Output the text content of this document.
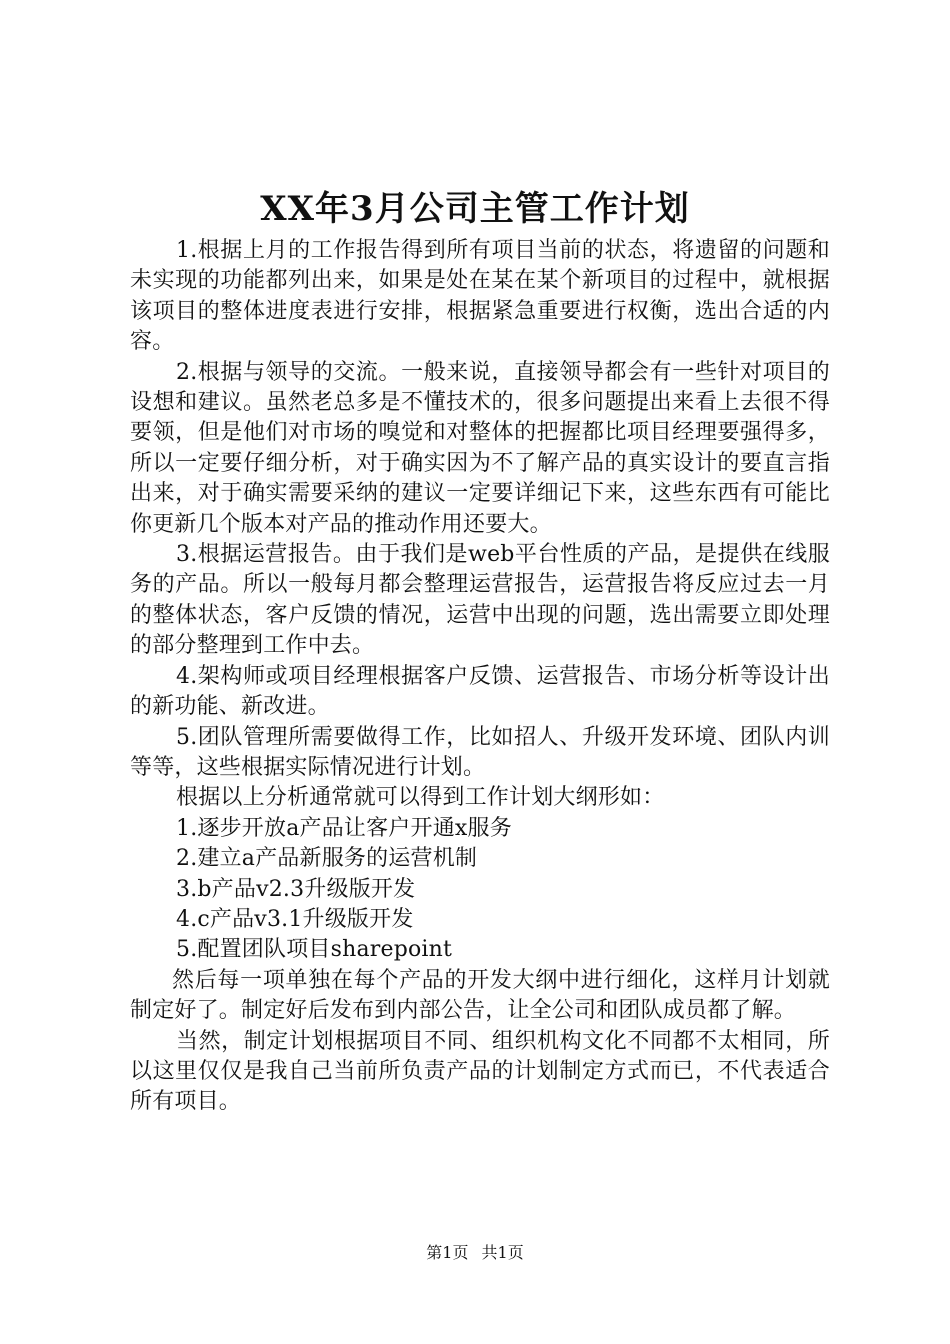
XX年3月公司主管工作计划

1.根据上月的工作报告得到所有项目当前的状态，将遗留的问题和未实现的功能都列出来，如果是处在某在某个新项目的过程中，就根据该项目的整体进度表进行安排，根据紧急重要进行权衡，选出合适的内容。

2.根据与领导的交流。一般来说，直接领导都会有一些针对项目的设想和建议。虽然老总多是不懂技术的，很多问题提出来看上去很不得要领，但是他们对市场的嗅觉和对整体的把握都比项目经理要强得多，所以一定要仔细分析，对于确实因为不了解产品的真实设计的要直言指出来，对于确实需要采纳的建议一定要详细记下来，这些东西有可能比你更新几个版本对产品的推动作用还要大。

3.根据运营报告。由于我们是web平台性质的产品，是提供在线服务的产品。所以一般每月都会整理运营报告，运营报告将反应过去一月的整体状态，客户反馈的情况，运营中出现的问题，选出需要立即处理的部分整理到工作中去。

4.架构师或项目经理根据客户反馈、运营报告、市场分析等设计出的新功能、新改进。

5.团队管理所需要做得工作，比如招人、升级开发环境、团队内训等等，这些根据实际情况进行计划。

根据以上分析通常就可以得到工作计划大纲形如：

1.逐步开放a产品让客户开通x服务

2.建立a产品新服务的运营机制

3.b产品v2.3升级版开发

4.c产品v3.1升级版开发

5.配置团队项目sharepoint

然后每一项单独在每个产品的开发大纲中进行细化，这样月计划就制定好了。制定好后发布到内部公告，让全公司和团队成员都了解。

当然，制定计划根据项目不同、组织机构文化不同都不太相同，所以这里仅仅是我自己当前所负责产品的计划制定方式而已，不代表适合所有项目。

第1页 共1页
